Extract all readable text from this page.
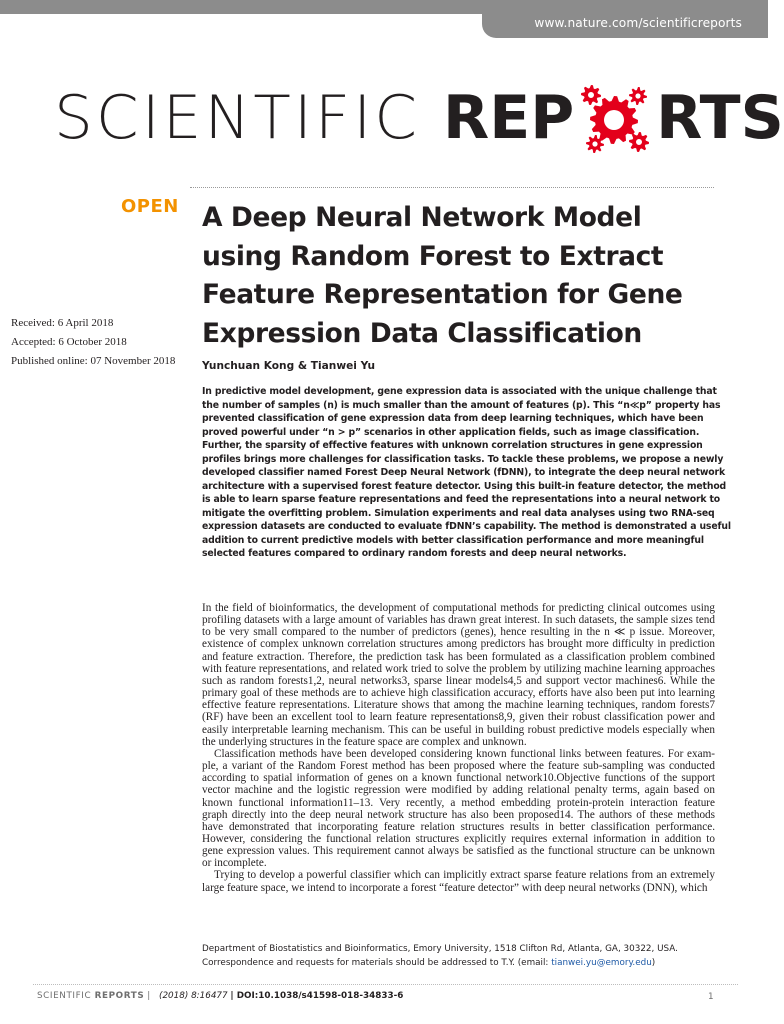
www.nature.com/scientificreports
SCIENTIFIC REP RTS
OPEN A Deep Neural Network Model using Random Forest to Extract Feature Representation for Gene Expression Data Classification
Received: 6 April 2018
Accepted: 6 October 2018
Published online: 07 November 2018	Yunchuan Kong & Tianwei Yu
In predictive model development, gene expression data is associated with the unique challenge that
the number of samples (n) is much smaller than the amount of features (p). This “n≪p” property has
prevented classification of gene expression data from deep learning techniques, which have been
proved powerful under “n > p” scenarios in other application fields, such as image classification.
Further, the sparsity of effective features with unknown correlation structures in gene expression
profiles brings more challenges for classification tasks. To tackle these problems, we propose a newly
developed classifier named Forest Deep Neural Network (fDNN), to integrate the deep neural network
architecture with a supervised forest feature detector. Using this built-in feature detector, the method
is able to learn sparse feature representations and feed the representations into a neural network to
mitigate the overfitting problem. Simulation experiments and real data analyses using two RNA-seq
expression datasets are conducted to evaluate fDNN’s capability. The method is demonstrated a useful
addition to current predictive models with better classification performance and more meaningful
selected features compared to ordinary random forests and deep neural networks.
In the field of bioinformatics, the development of computational methods for predicting clinical outcomes using
profiling datasets with a large amount of variables has drawn great interest. In such datasets, the sample sizes tend
to be very small compared to the number of predictors (genes), hence resulting in the n ≪ p issue. Moreover,
existence of complex unknown correlation structures among predictors has brought more difficulty in prediction
and feature extraction. Therefore, the prediction task has been formulated as a classification problem combined
with feature representations, and related work tried to solve the problem by utilizing machine learning approaches
such as random forests1,2, neural networks3, sparse linear models4,5 and support vector machines6. While the
primary goal of these methods are to achieve high classification accuracy, efforts have also been put into learning
effective feature representations. Literature shows that among the machine learning techniques, random forests7
(RF) have been an excellent tool to learn feature representations8,9, given their robust classification power and
easily interpretable learning mechanism. This can be useful in building robust predictive models especially when
the underlying structures in the feature space are complex and unknown.
Classification methods have been developed considering known functional links between features. For exam-
ple, a variant of the Random Forest method has been proposed where the feature sub-sampling was conducted
according to spatial information of genes on a known functional network10.Objective functions of the support
vector machine and the logistic regression were modified by adding relational penalty terms, again based on
known functional information11–13. Very recently, a method embedding protein-protein interaction feature
graph directly into the deep neural network structure has also been proposed14. The authors of these methods
have demonstrated that incorporating feature relation structures results in better classification performance.
However, considering the functional relation structures explicitly requires external information in addition to
gene expression values. This requirement cannot always be satisfied as the functional structure can be unknown
or incomplete.
Trying to develop a powerful classifier which can implicitly extract sparse feature relations from an extremely
large feature space, we intend to incorporate a forest “feature detector” with deep neural networks (DNN), which
Department of Biostatistics and Bioinformatics, Emory University, 1518 Clifton Rd, Atlanta, GA, 30322, USA.
Correspondence and requests for materials should be addressed to T.Y. (email: tianwei.yu@emory.edu)
SCIENTIFIC REPORTS | (2018) 8:16477 | DOI:10.1038/s41598-018-34833-6	1
